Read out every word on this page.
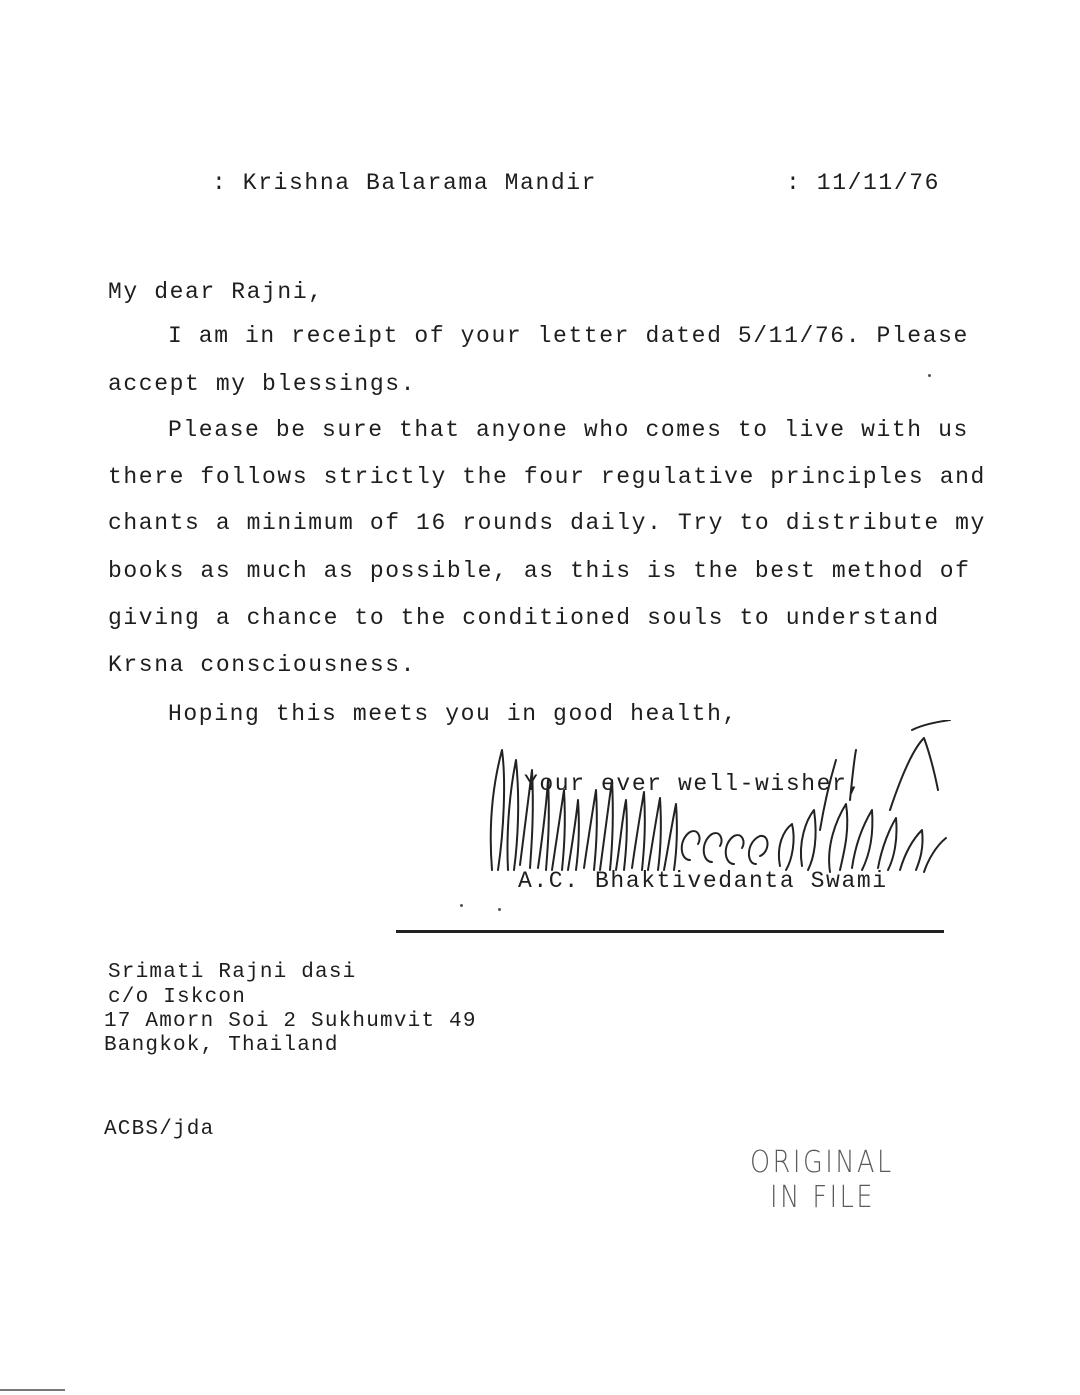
: Krishna Balarama Mandir	: 11/11/76
My dear Rajni,
I am in receipt of your letter dated 5/11/76. Please
accept my blessings.
Please be sure that anyone who comes to live with us
there follows strictly the four regulative principles and
chants a minimum of 16 rounds daily. Try to distribute my
books as much as possible, as this is the best method of
giving a chance to the conditioned souls to understand
Krsna consciousness.
Hoping this meets you in good health,
Your ever well-wisher,
A.C. Bhaktivedanta Swami
Srimati Rajni dasi
c/o Iskcon
17 Amorn Soi 2 Sukhumvit 49
Bangkok, Thailand
ACBS/jda
ORIGINAL
IN FILE
